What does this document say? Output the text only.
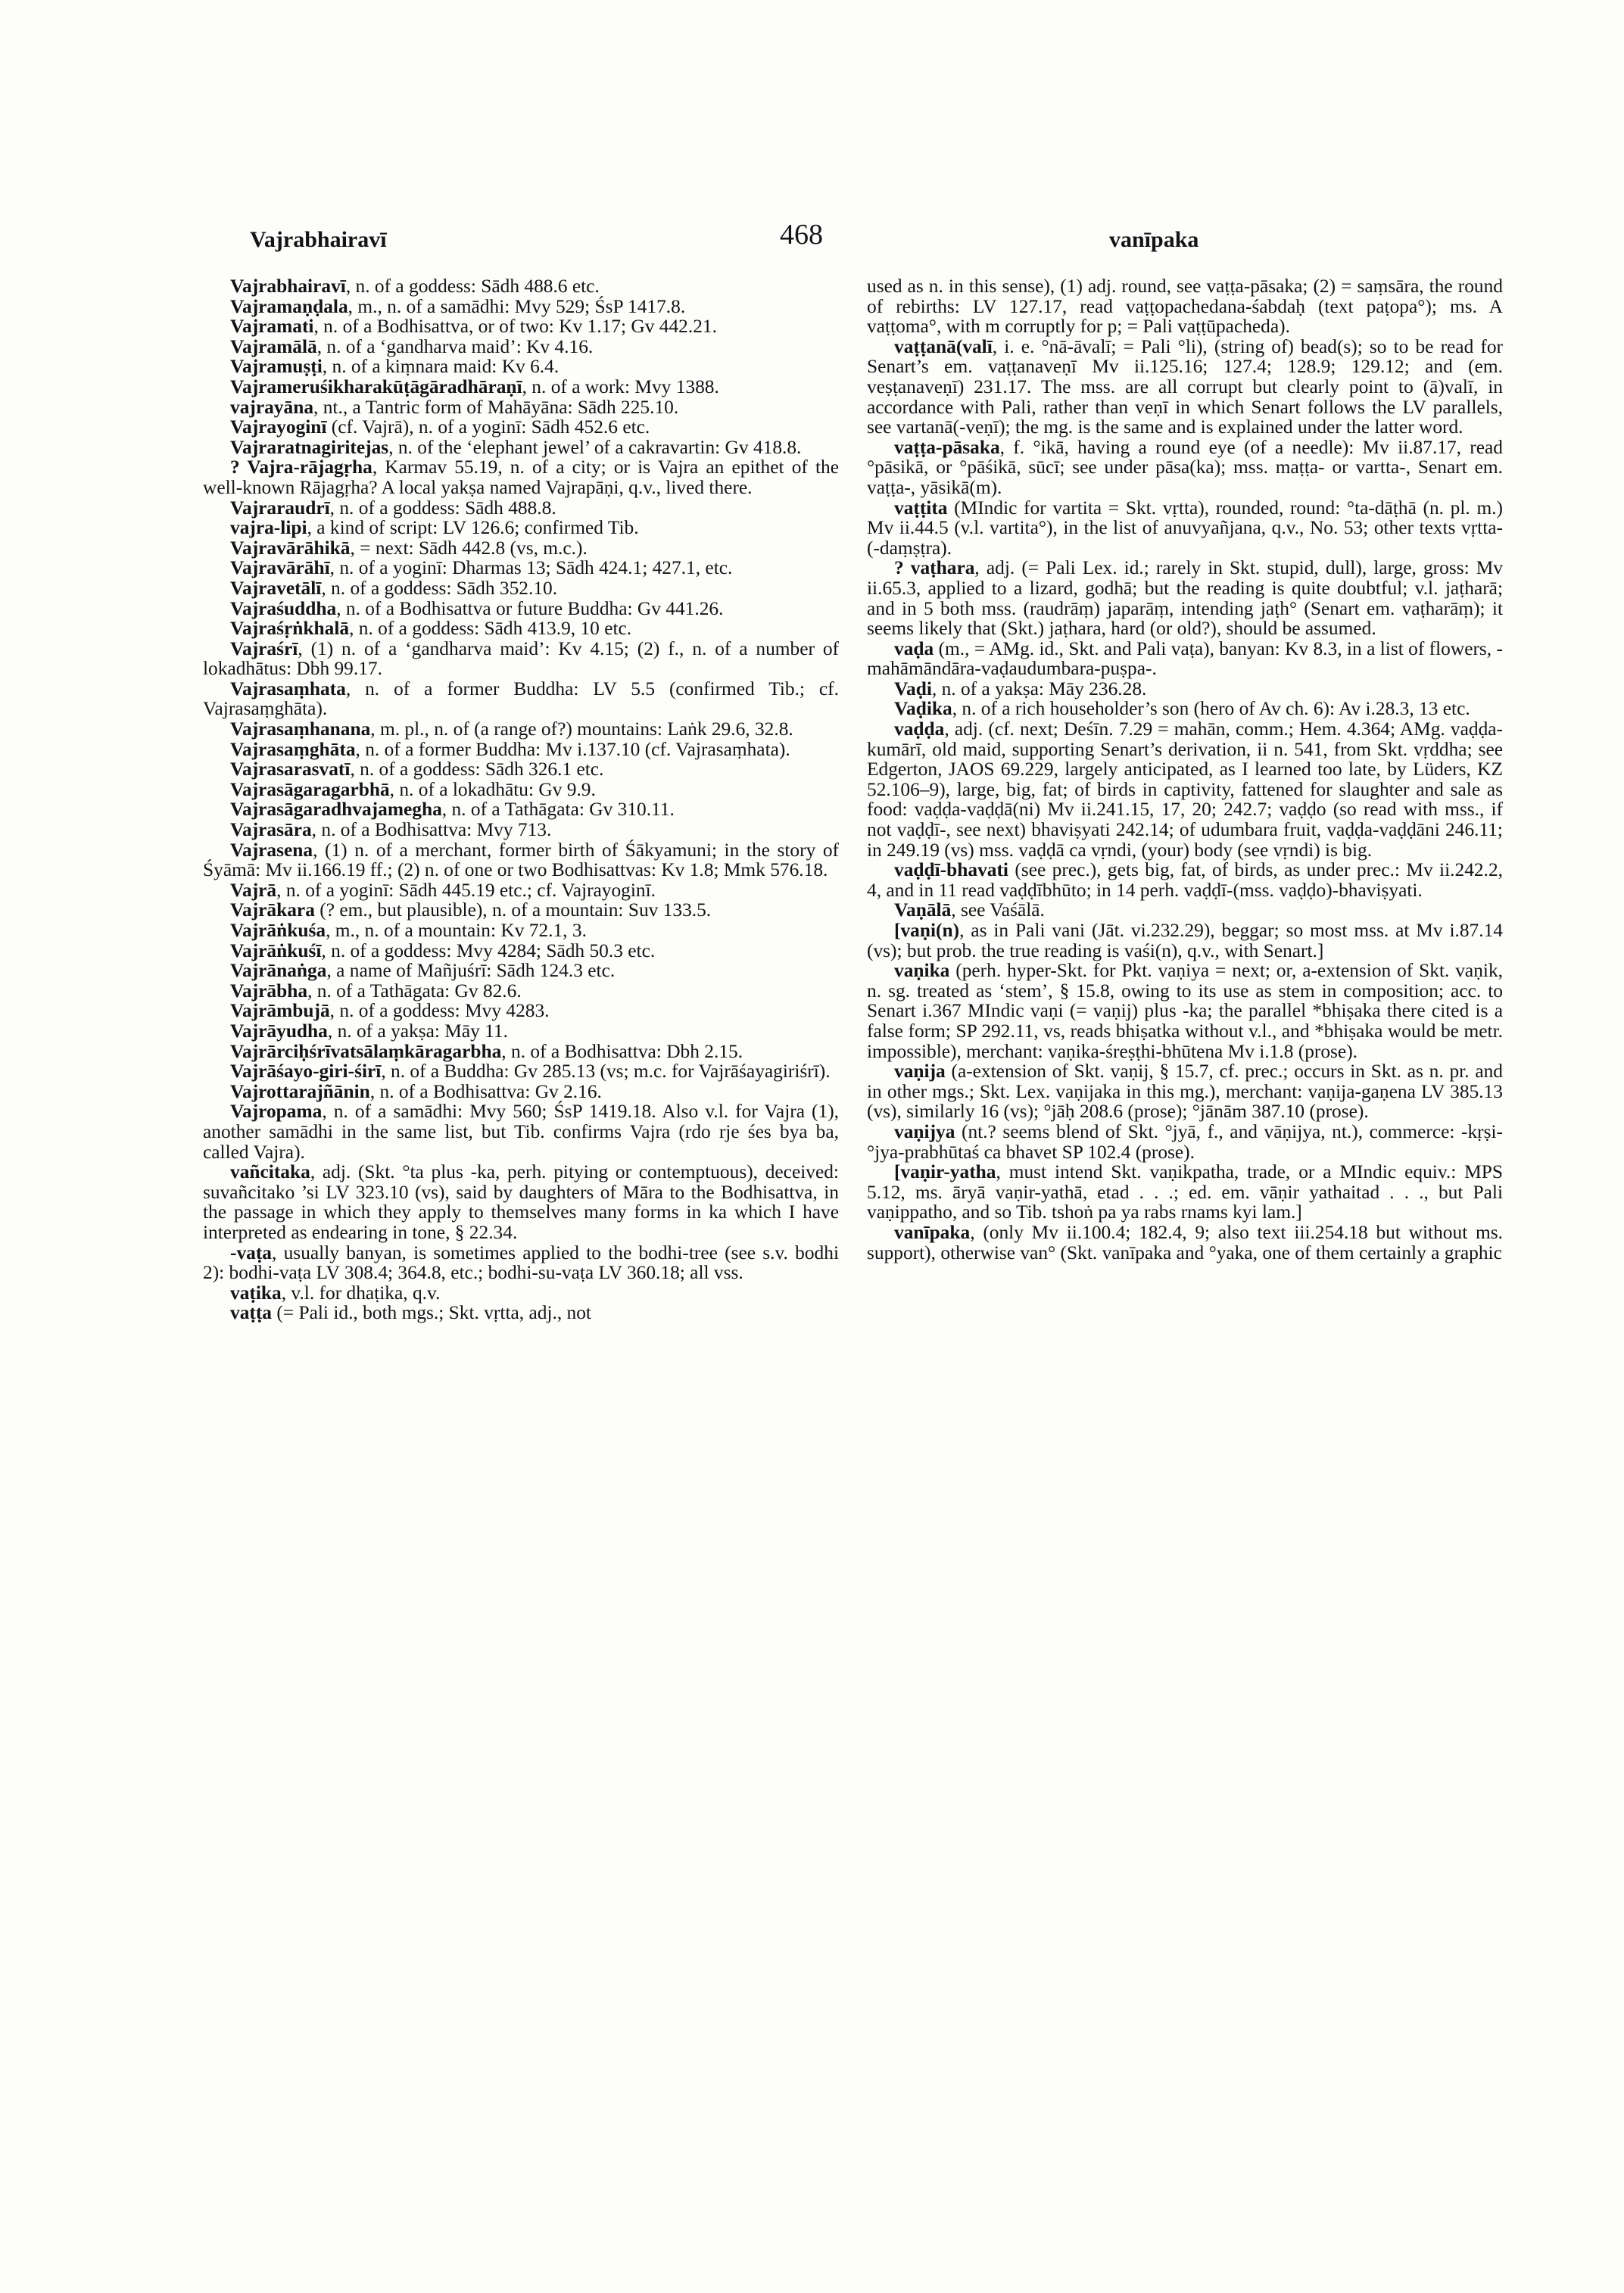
Vajrabhairavī	468	vanīpaka

Vajrabhairavī, n. of a goddess: Sādh 488.6 etc.

Vajramaṇḍala, m., n. of a samādhi: Mvy 529; ŚsP 1417.8.

Vajramati, n. of a Bodhisattva, or of two: Kv 1.17; Gv 442.21.

Vajramālā, n. of a ‘gandharva maid’: Kv 4.16.

Vajramuṣṭi, n. of a kiṃnara maid: Kv 6.4.

Vajrameruśikharakūṭāgāradhāraṇī, n. of a work: Mvy 1388.

vajrayāna, nt., a Tantric form of Mahāyāna: Sādh 225.10.

Vajrayoginī (cf. Vajrā), n. of a yoginī: Sādh 452.6 etc.

Vajraratnagiritejas, n. of the ‘elephant jewel’ of a cakravartin: Gv 418.8.

? Vajra-rājagṛha, Karmav 55.19, n. of a city; or is Vajra an epithet of the well-known Rājagṛha? A local yakṣa named Vajrapāṇi, q.v., lived there.

Vajraraudrī, n. of a goddess: Sādh 488.8.

vajra-lipi, a kind of script: LV 126.6; confirmed Tib.

Vajravārāhikā, = next: Sādh 442.8 (vs, m.c.).

Vajravārāhī, n. of a yoginī: Dharmas 13; Sādh 424.1; 427.1, etc.

Vajravetālī, n. of a goddess: Sādh 352.10.

Vajraśuddha, n. of a Bodhisattva or future Buddha: Gv 441.26.

Vajraśṛṅkhalā, n. of a goddess: Sādh 413.9, 10 etc.

Vajraśrī, (1) n. of a ‘gandharva maid’: Kv 4.15; (2) f., n. of a number of lokadhātus: Dbh 99.17.

Vajrasaṃhata, n. of a former Buddha: LV 5.5 (confirmed Tib.; cf. Vajrasaṃghāta).

Vajrasaṃhanana, m. pl., n. of (a range of?) mountains: Laṅk 29.6, 32.8.

Vajrasaṃghāta, n. of a former Buddha: Mv i.137.10 (cf. Vajrasaṃhata).

Vajrasarasvatī, n. of a goddess: Sādh 326.1 etc.

Vajrasāgaragarbhā, n. of a lokadhātu: Gv 9.9.

Vajrasāgaradhvajamegha, n. of a Tathāgata: Gv 310.11.

Vajrasāra, n. of a Bodhisattva: Mvy 713.

Vajrasena, (1) n. of a merchant, former birth of Śākyamuni; in the story of Śyāmā: Mv ii.166.19 ff.; (2) n. of one or two Bodhisattvas: Kv 1.8; Mmk 576.18.

Vajrā, n. of a yoginī: Sādh 445.19 etc.; cf. Vajrayoginī.

Vajrākara (? em., but plausible), n. of a mountain: Suv 133.5.

Vajrāṅkuśa, m., n. of a mountain: Kv 72.1, 3.

Vajrāṅkuśī, n. of a goddess: Mvy 4284; Sādh 50.3 etc.

Vajrānaṅga, a name of Mañjuśrī: Sādh 124.3 etc.

Vajrābha, n. of a Tathāgata: Gv 82.6.

Vajrāmbujā, n. of a goddess: Mvy 4283.

Vajrāyudha, n. of a yakṣa: Māy 11.

Vajrārciḥśrīvatsālaṃkāragarbha, n. of a Bodhisattva: Dbh 2.15.

Vajrāśayo-giri-śirī, n. of a Buddha: Gv 285.13 (vs; m.c. for Vajrāśayagiriśrī).

Vajrottarajñānin, n. of a Bodhisattva: Gv 2.16.

Vajropama, n. of a samādhi: Mvy 560; ŚsP 1419.18. Also v.l. for Vajra (1), another samādhi in the same list, but Tib. confirms Vajra (rdo rje śes bya ba, called Vajra).

vañcitaka, adj. (Skt. °ta plus -ka, perh. pitying or contemptuous), deceived: suvañcitako ’si LV 323.10 (vs), said by daughters of Māra to the Bodhisattva, in the passage in which they apply to themselves many forms in ka which I have interpreted as endearing in tone, § 22.34.

-vaṭa, usually banyan, is sometimes applied to the bodhi-tree (see s.v. bodhi 2): bodhi-vaṭa LV 308.4; 364.8, etc.; bodhi-su-vaṭa LV 360.18; all vss.

vaṭika, v.l. for dhaṭika, q.v.

vaṭṭa (= Pali id., both mgs.; Skt. vṛtta, adj., not

used as n. in this sense), (1) adj. round, see vaṭṭa-pāsaka; (2) = saṃsāra, the round of rebirths: LV 127.17, read vaṭṭopachedana-śabdaḥ (text paṭopa°); ms. A vaṭṭoma°, with m corruptly for p; = Pali vaṭṭūpacheda).

vaṭṭanā(valī, i. e. °nā-āvalī; = Pali °li), (string of) bead(s); so to be read for Senart’s em. vaṭṭanaveṇī Mv ii.125.16; 127.4; 128.9; 129.12; and (em. veṣṭanaveṇī) 231.17. The mss. are all corrupt but clearly point to (ā)valī, in accordance with Pali, rather than veṇī in which Senart follows the LV parallels, see vartanā(-veṇī); the mg. is the same and is explained under the latter word.

vaṭṭa-pāsaka, f. °ikā, having a round eye (of a needle): Mv ii.87.17, read °pāsikā, or °pāśikā, sūcī; see under pāsa(ka); mss. maṭṭa- or vartta-, Senart em. vaṭṭa-, yāsikā(m).

vaṭṭita (MIndic for vartita = Skt. vṛtta), rounded, round: °ta-dāṭhā (n. pl. m.) Mv ii.44.5 (v.l. vartita°), in the list of anuvyañjana, q.v., No. 53; other texts vṛtta-(-daṃṣṭra).

? vaṭhara, adj. (= Pali Lex. id.; rarely in Skt. stupid, dull), large, gross: Mv ii.65.3, applied to a lizard, godhā; but the reading is quite doubtful; v.l. jaṭharā; and in 5 both mss. (raudrāṃ) japarāṃ, intending jaṭh° (Senart em. vaṭharāṃ); it seems likely that (Skt.) jaṭhara, hard (or old?), should be assumed.

vaḍa (m., = AMg. id., Skt. and Pali vaṭa), banyan: Kv 8.3, in a list of flowers, -mahāmāndāra-vaḍaudumbara-puṣpa-.

Vaḍi, n. of a yakṣa: Māy 236.28.

Vaḍika, n. of a rich householder’s son (hero of Av ch. 6): Av i.28.3, 13 etc.

vaḍḍa, adj. (cf. next; Deśīn. 7.29 = mahān, comm.; Hem. 4.364; AMg. vaḍḍa-kumārī, old maid, supporting Senart’s derivation, ii n. 541, from Skt. vṛddha; see Edgerton, JAOS 69.229, largely anticipated, as I learned too late, by Lüders, KZ 52.106–9), large, big, fat; of birds in captivity, fattened for slaughter and sale as food: vaḍḍa-vaḍḍā(ni) Mv ii.241.15, 17, 20; 242.7; vaḍḍo (so read with mss., if not vaḍḍī-, see next) bhaviṣyati 242.14; of udumbara fruit, vaḍḍa-vaḍḍāni 246.11; in 249.19 (vs) mss. vaḍḍā ca vṛndi, (your) body (see vṛndi) is big.

vaḍḍī-bhavati (see prec.), gets big, fat, of birds, as under prec.: Mv ii.242.2, 4, and in 11 read vaḍḍībhūto; in 14 perh. vaḍḍī-(mss. vaḍḍo)-bhaviṣyati.

Vaṇālā, see Vaśālā.

[vaṇi(n), as in Pali vani (Jāt. vi.232.29), beggar; so most mss. at Mv i.87.14 (vs); but prob. the true reading is vaśi(n), q.v., with Senart.]

vaṇika (perh. hyper-Skt. for Pkt. vaṇiya = next; or, a-extension of Skt. vaṇik, n. sg. treated as ‘stem’, § 15.8, owing to its use as stem in composition; acc. to Senart i.367 MIndic vaṇi (= vaṇij) plus -ka; the parallel *bhiṣaka there cited is a false form; SP 292.11, vs, reads bhiṣatka without v.l., and *bhiṣaka would be metr. impossible), merchant: vaṇika-śreṣṭhi-bhūtena Mv i.1.8 (prose).

vaṇija (a-extension of Skt. vaṇij, § 15.7, cf. prec.; occurs in Skt. as n. pr. and in other mgs.; Skt. Lex. vaṇijaka in this mg.), merchant: vaṇija-gaṇena LV 385.13 (vs), similarly 16 (vs); °jāḥ 208.6 (prose); °jānām 387.10 (prose).

vaṇijya (nt.? seems blend of Skt. °jyā, f., and vāṇijya, nt.), commerce: -kṛṣi-°jya-prabhūtaś ca bhavet SP 102.4 (prose).

[vaṇir-yatha, must intend Skt. vaṇikpatha, trade, or a MIndic equiv.: MPS 5.12, ms. āryā vaṇir-yathā, etad . . .; ed. em. vāṇir yathaitad . . ., but Pali vaṇippatho, and so Tib. tshoṅ pa ya rabs rnams kyi lam.]

vanīpaka, (only Mv ii.100.4; 182.4, 9; also text iii.254.18 but without ms. support), otherwise van° (Skt. vanīpaka and °yaka, one of them certainly a graphic
